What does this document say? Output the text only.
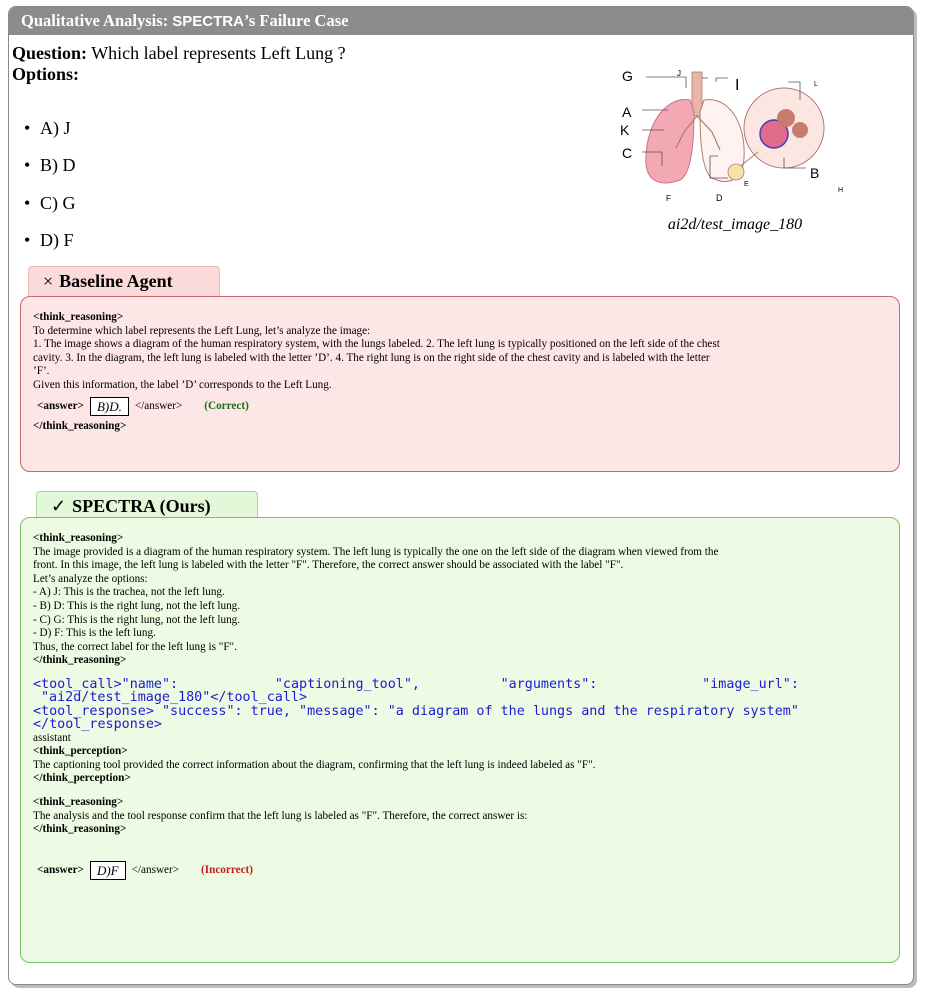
Qualitative Analysis: SPECTRA’s Failure Case
Question: Which label represents Left Lung ?
Options:
• A) J
• B) D
• C) G
• D) F
G	J
I	L
A
K
C
B
E
F	D
H
ai2d/test_image_180
× Baseline Agent
<think_reasoning>
To determine which label represents the Left Lung, let’s analyze the image:
1. The image shows a diagram of the human respiratory system, with the lungs labeled. 2. The left lung is typically positioned on the left side of the chest
cavity. 3. In the diagram, the left lung is labeled with the letter ’D’. 4. The right lung is on the right side of the chest cavity and is labeled with the letter
’F’.
Given this information, the label ’D’ corresponds to the Left Lung.
<answer>	B)D.	</answer> (Correct)
</think_reasoning>
✓ SPECTRA (Ours)
<think_reasoning>
The image provided is a diagram of the human respiratory system. The left lung is typically the one on the left side of the diagram when viewed from the
front. In this image, the left lung is labeled with the letter "F". Therefore, the correct answer should be associated with the label "F".
Let’s analyze the options:
- A) J: This is the trachea, not the left lung.
- B) D: This is the right lung, not the left lung.
- C) G: This is the right lung, not the left lung.
- D) F: This is the left lung.
Thus, the correct label for the left lung is "F".
</think_reasoning>
<tool_call>"name":            "captioning_tool",          "arguments":             "image_url":
"ai2d/test_image_180"</tool_call>
<tool_response> "success": true, "message": "a diagram of the lungs and the respiratory system"
</tool_response>
assistant
<think_perception>
The captioning tool provided the correct information about the diagram, confirming that the left lung is indeed labeled as "F".
</think_perception>
<think_reasoning>
The analysis and the tool response confirm that the left lung is labeled as "F". Therefore, the correct answer is:
</think_reasoning>
<answer>	D)F	</answer> (Incorrect)
